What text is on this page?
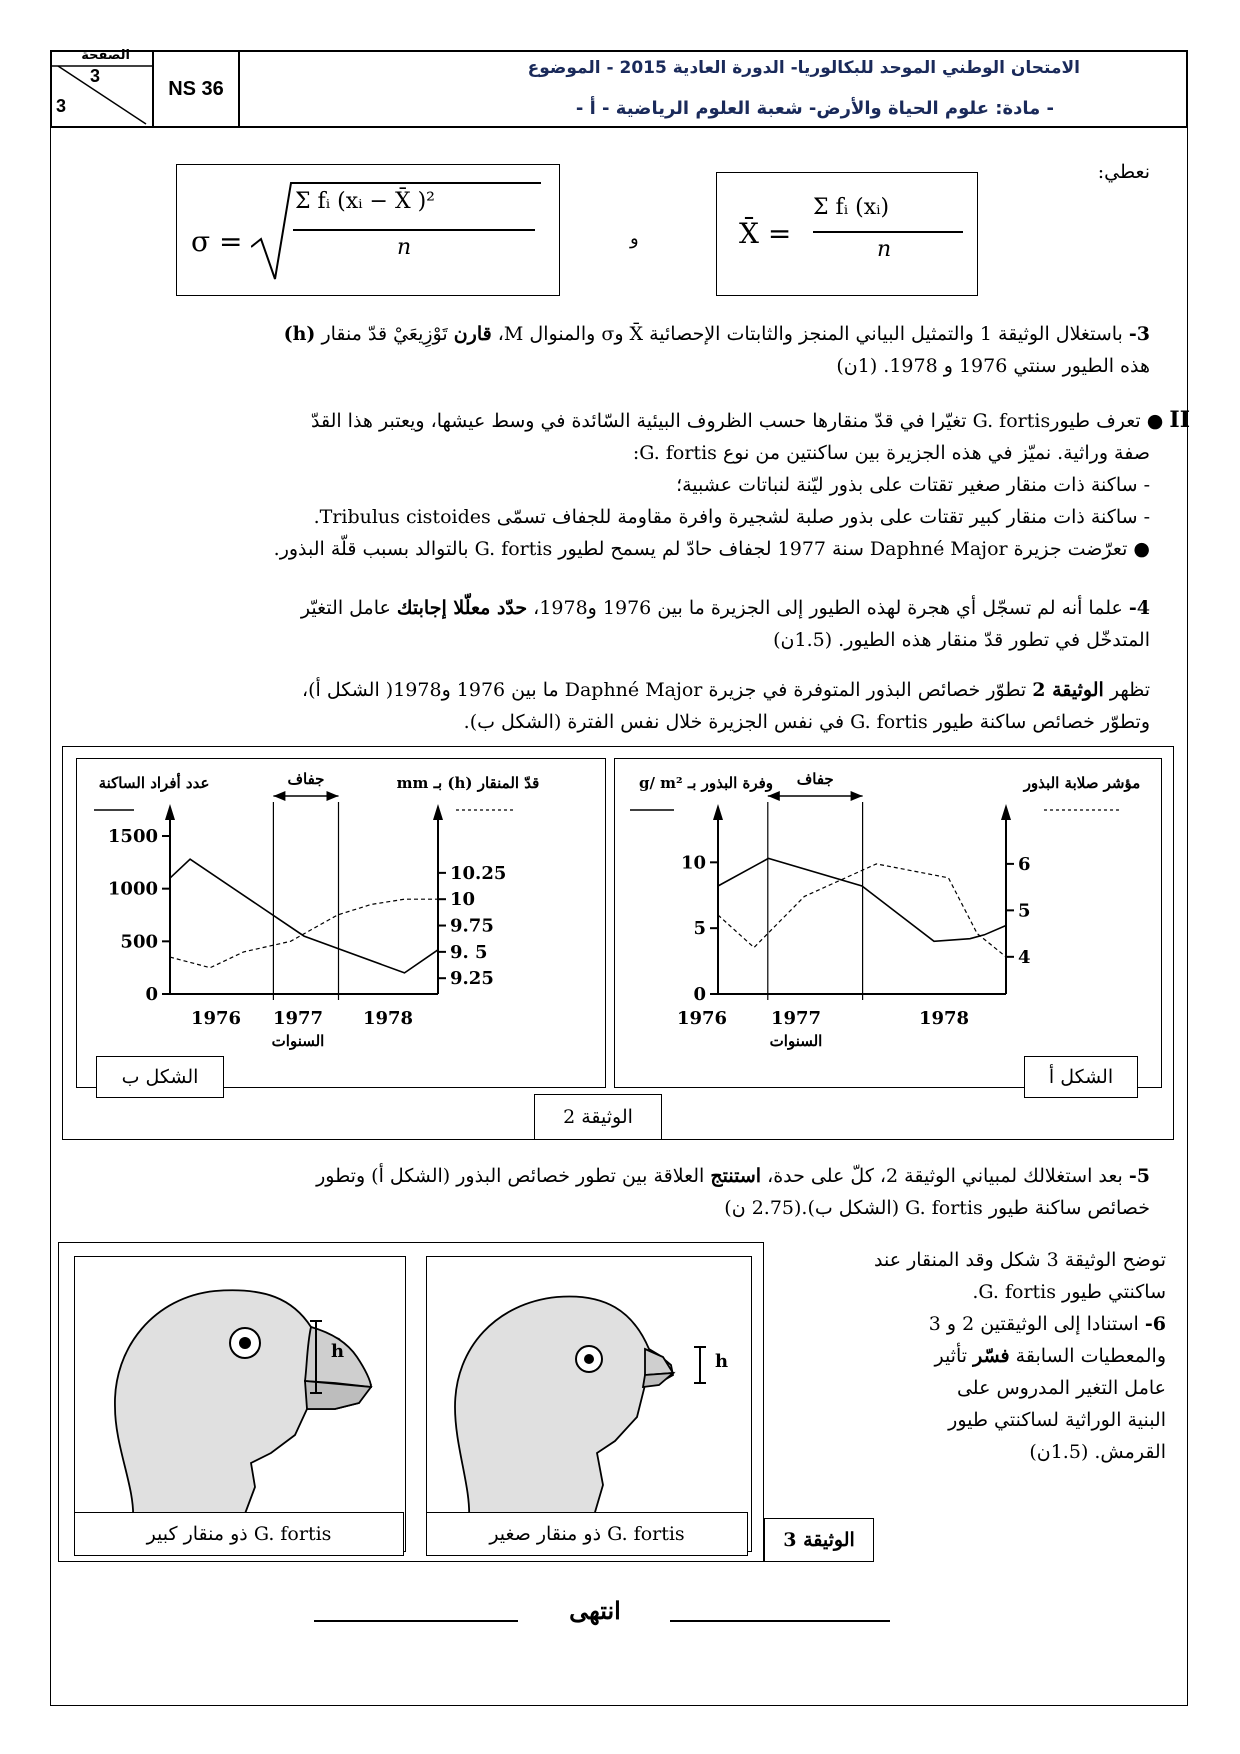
الصفحة
3
3
NS 36
الامتحان الوطني الموحد للبكالوريا- الدورة العادية 2015 - الموضوع
- مادة: علوم الحياة والأرض- شعبة العلوم الرياضية - أ -
نعطي:
X̄ =
Σ fᵢ (xᵢ)
n
و
σ =
Σ fᵢ (xᵢ − X̄ )²
n
3- باستغلال الوثيقة 1 والتمثيل البياني المنجز والثابتات الإحصائية X̄ وσ والمنوال M، قارن تَوْزِيعَيْ قدّ منقار (h)
هذه الطيور سنتي 1976 و 1978. (1ن)
II ● تعرف طيورG. fortis تغيّرا في قدّ منقارها حسب الظروف البيئية السّائدة في وسط عيشها، ويعتبر هذا القدّ
صفة وراثية. نميّز في هذه الجزيرة بين ساكنتين من نوع G. fortis:
- ساكنة ذات منقار صغير تقتات على بذور ليّنة لنباتات عشبية؛
- ساكنة ذات منقار كبير تقتات على بذور صلبة لشجيرة وافرة مقاومة للجفاف تسمّى Tribulus cistoides.
● تعرّضت جزيرة Daphné Major سنة 1977 لجفاف حادّ لم يسمح لطيور G. fortis بالتوالد بسبب قلّة البذور.
4- علما أنه لم تسجّل أي هجرة لهذه الطيور إلى الجزيرة ما بين 1976 و1978، حدّد معلّلا إجابتك عامل التغيّر
المتدخّل في تطور قدّ منقار هذه الطيور. (1.5ن)
تظهر الوثيقة 2 تطوّر خصائص البذور المتوفرة في جزيرة Daphné Major ما بين 1976 و1978( الشكل أ)،
وتطوّر خصائص ساكنة طيور G. fortis في نفس الجزيرة خلال نفس الفترة (الشكل ب).
وفرة البذور بـ g/ m²	مؤشر صلابة البذور
0
5
10
4
5
6
جفاف
1976 1977	1978
السنوات
عدد أفراد الساكنة	قدّ المنقار (h) بـ mm
0
500
1000
1500
9.25
9. 5
9.75
10
10.25
جفاف
1976 1977 1978
السنوات
الشكل أ
الشكل ب
الوثيقة 2
5- بعد استغلالك لمبياني الوثيقة 2، كلّ على حدة، استنتج العلاقة بين تطور خصائص البذور (الشكل أ) وتطور
خصائص ساكنة طيور G. fortis (الشكل ب).(2.75 ن)
توضح الوثيقة 3 شكل وقد المنقار عند
ساكنتي طيور G. fortis.
6- استنادا إلى الوثيقتين 2 و 3
والمعطيات السابقة فسّر تأثير
عامل التغير المدروس على
البنية الوراثية لساكنتي طيور
القرمش. (1.5ن)
h
G. fortis ذو منقار كبير
h
G. fortis ذو منقار صغير	الوثيقة 3
انتهى
